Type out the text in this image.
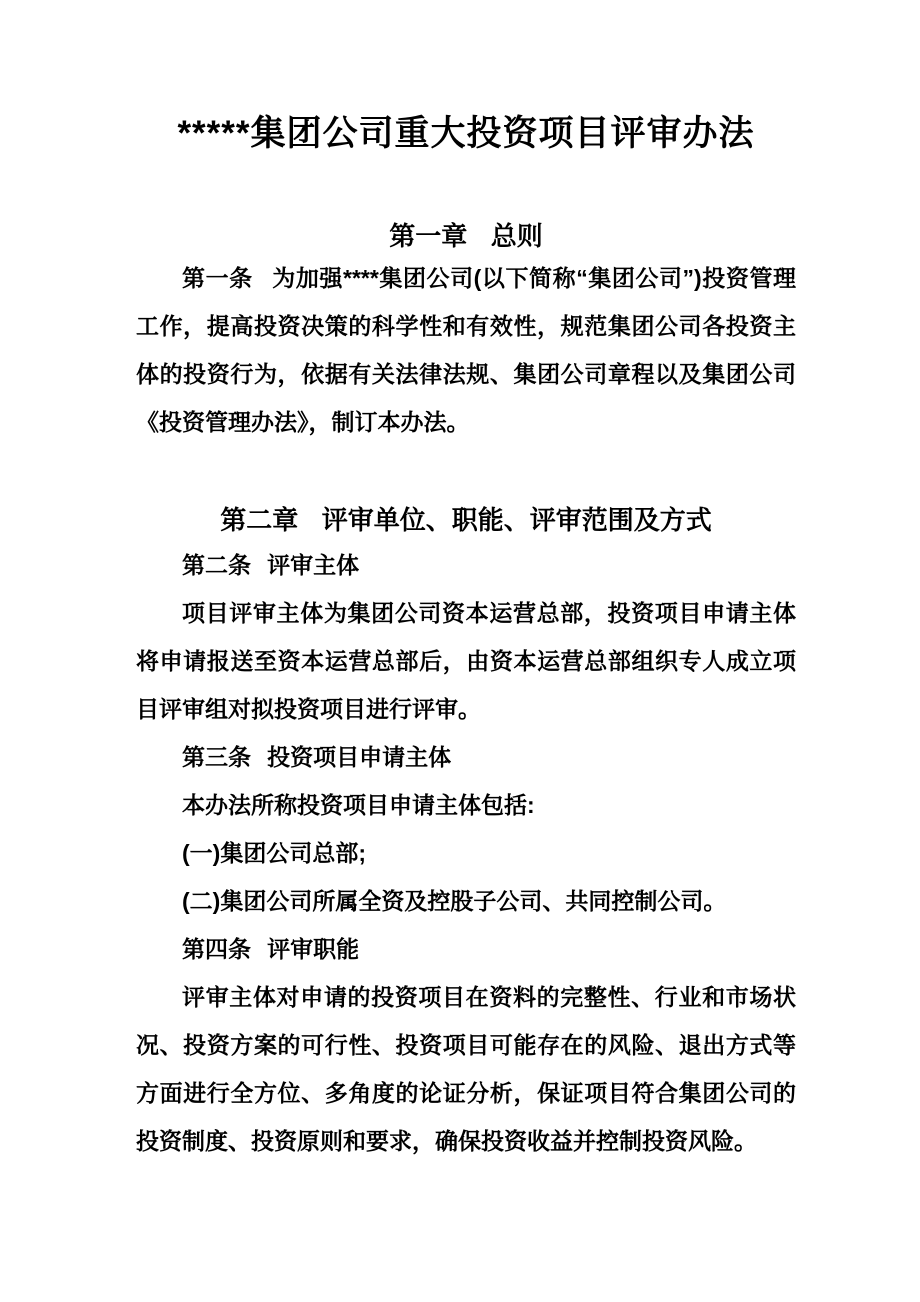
*****集团公司重大投资项目评审办法
第一章 总则

第一条 为加强****集团公司(以下简称“集团公司”)投资管理工作，提高投资决策的科学性和有效性，规范集团公司各投资主体的投资行为，依据有关法律法规、集团公司章程以及集团公司《投资管理办法》，制订本办法。

第二章 评审单位、职能、评审范围及方式

第二条 评审主体

项目评审主体为集团公司资本运营总部，投资项目申请主体将申请报送至资本运营总部后，由资本运营总部组织专人成立项目评审组对拟投资项目进行评审。

第三条 投资项目申请主体

本办法所称投资项目申请主体包括:

(一)集团公司总部;

(二)集团公司所属全资及控股子公司、共同控制公司。

第四条 评审职能

评审主体对申请的投资项目在资料的完整性、行业和市场状况、投资方案的可行性、投资项目可能存在的风险、退出方式等方面进行全方位、多角度的论证分析，保证项目符合集团公司的投资制度、投资原则和要求，确保投资收益并控制投资风险。
